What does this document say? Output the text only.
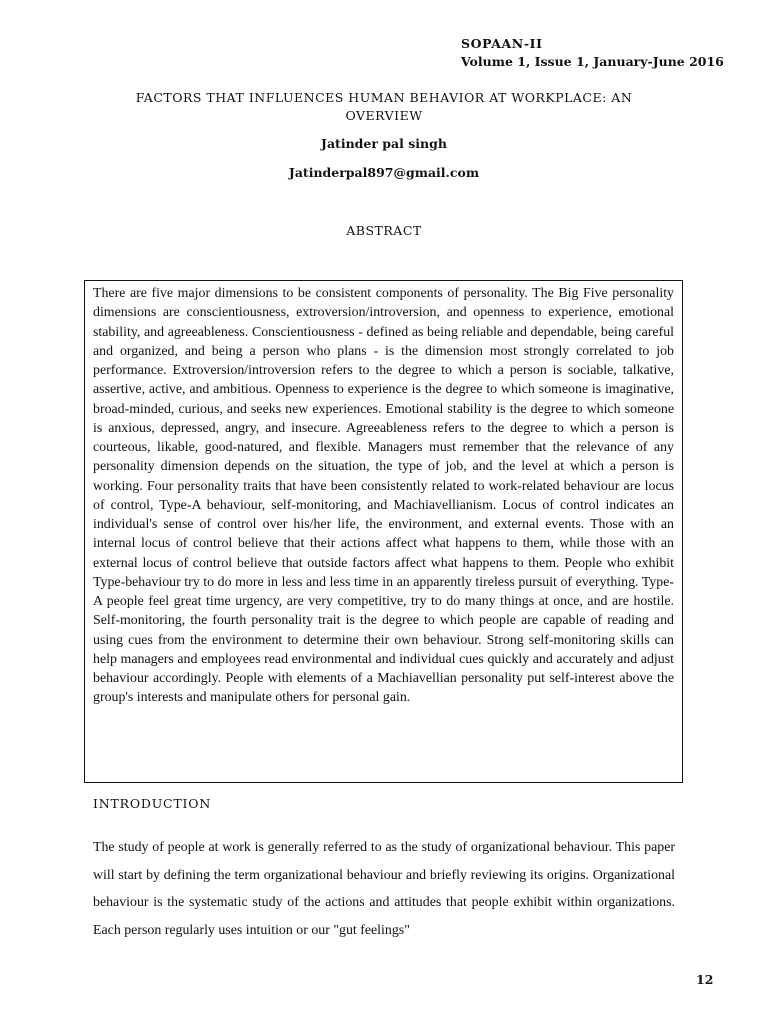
SOPAAN-II
Volume 1, Issue 1, January-June 2016
FACTORS THAT INFLUENCES HUMAN BEHAVIOR AT WORKPLACE: AN OVERVIEW
Jatinder pal singh
Jatinderpal897@gmail.com
ABSTRACT

There are five major dimensions to be consistent components of personality. The Big Five personality dimensions are conscientiousness, extroversion/introversion, and openness to experience, emotional stability, and agreeableness. Conscientiousness - defined as being reliable and dependable, being careful and organized, and being a person who plans - is the dimension most strongly correlated to job performance. Extroversion/introversion refers to the degree to which a person is sociable, talkative, assertive, active, and ambitious. Openness to experience is the degree to which someone is imaginative, broad-minded, curious, and seeks new experiences. Emotional stability is the degree to which someone is anxious, depressed, angry, and insecure. Agreeableness refers to the degree to which a person is courteous, likable, good-natured, and flexible. Managers must remember that the relevance of any personality dimension depends on the situation, the type of job, and the level at which a person is working. Four personality traits that have been consistently related to work-related behaviour are locus of control, Type-A behaviour, self-monitoring, and Machiavellianism. Locus of control indicates an individual's sense of control over his/her life, the environment, and external events. Those with an internal locus of control believe that their actions affect what happens to them, while those with an external locus of control believe that outside factors affect what happens to them. People who exhibit Type-behaviour try to do more in less and less time in an apparently tireless pursuit of everything. Type-A people feel great time urgency, are very competitive, try to do many things at once, and are hostile. Self-monitoring, the fourth personality trait is the degree to which people are capable of reading and using cues from the environment to determine their own behaviour. Strong self-monitoring skills can help managers and employees read environmental and individual cues quickly and accurately and adjust behaviour accordingly. People with elements of a Machiavellian personality put self-interest above the group's interests and manipulate others for personal gain.

INTRODUCTION

The study of people at work is generally referred to as the study of organizational behaviour. This paper will start by defining the term organizational behaviour and briefly reviewing its origins. Organizational behaviour is the systematic study of the actions and attitudes that people exhibit within organizations. Each person regularly uses intuition or our "gut feelings"

12
